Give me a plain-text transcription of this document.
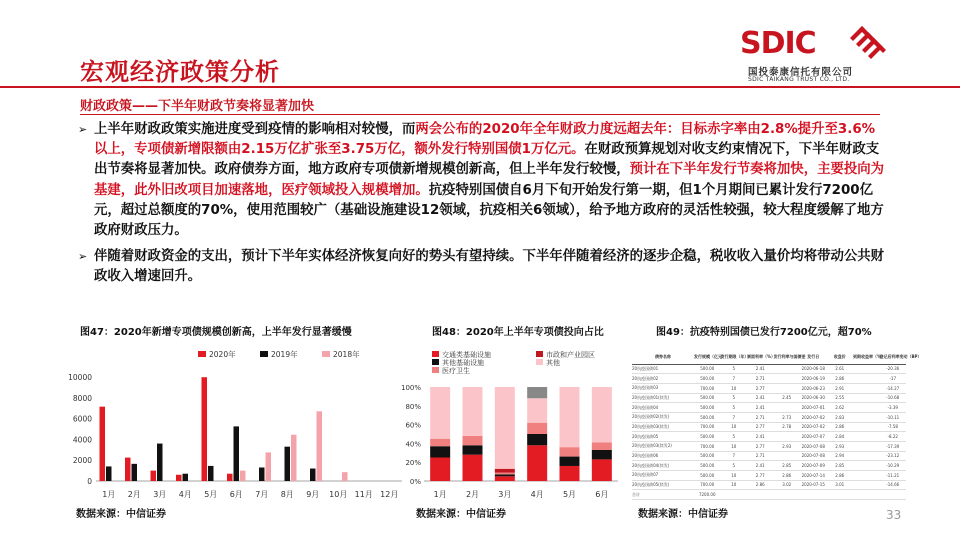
宏观经济政策分析
SDIC
国投泰康信托有限公司
SDIC TAIKANG TRUST CO., LTD.
财政政策——下半年财政节奏将显著加快
➢ 上半年财政政策实施进度受到疫情的影响相对较慢，而两会公布的2020年全年财政力度远超去年：目标赤字率由2.8%提升至3.6%以上，专项债新增限额由2.15万亿扩张至3.75万亿，额外发行特别国债1万亿元。在财政预算规划对收支约束情况下，下半年财政支出节奏将显著加快。政府债券方面，地方政府专项债新增规模创新高，但上半年发行较慢，预计在下半年发行节奏将加快，主要投向为基建，此外旧改项目加速落地，医疗领域投入规模增加。抗疫特别国债自6月下旬开始发行第一期，但1个月期间已累计发行7200亿元，超过总额度的70%，使用范围较广（基础设施建设12领域，抗疫相关6领域），给予地方政府的灵活性较强，较大程度缓解了地方政府财政压力。
➢ 伴随着财政资金的支出，预计下半年实体经济恢复向好的势头有望持续。下半年伴随着经济的逐步企稳，税收收入量价均将带动公共财政收入增速回升。
图47：2020年新增专项债规模创新高，上半年发行显著缓慢	图48：2020年上半年专项债投向占比	图49：抗疫特别国债已发行7200亿元，超70%
2020年	2019年	2018年
0
2000
4000
6000
8000
10000
1月 2月 3月 4月 5月 6月 7月 8月 9月 10月 11月 12月
交通类基础设施
其他基础设施
医疗卫生
市政和产业园区
其他
0%
20%
40%
60%
80%
100%
1月 2月 3月 4月 5月 6月
债券名称	发行规模（亿元）	发行期限（年）	票面利率（%）	发行利率与国债差	发行日	收盘价	到期收益率（%）	登记后利率变动（BP）
20抗疫国债01	500.00	5	2.41		2020-06-18	2.61		-20.36
20抗疫国债02	500.00	7	2.71		2020-06-19	2.86		-17
20抗疫国债03	700.00	10	2.77		2020-06-23	2.91		-14.27
20抗疫国债01(续发)	500.00	5	2.41	2.45	2020-06-30	2.55		-10.68
20抗疫国债04	500.00	5	2.41		2020-07-01	2.62		-3.39
20抗疫国债02(续发)	500.00	7	2.71	2.73	2020-07-02	2.83		-10.11
20抗疫国债03(续发)	700.00	10	2.77	2.78	2020-07-02	2.86		-7.58
20抗疫国债05	500.00	5	2.41		2020-07-07	2.84		-8.22
20抗疫国债03(续发2)	700.00	10	2.77	2.93	2020-07-08	2.93		-17.39
20抗疫国债06	500.00	7	2.71		2020-07-08	2.94		-23.12
20抗疫国债04(续发)	500.00	5	2.41	2.85	2020-07-09	2.85		-10.29
20抗疫国债07	500.00	10	2.77	2.86	2020-07-14	2.86		-11.21
20抗疫国债05(续发)	700.00	10	2.86	3.02	2020-07-15	3.01		-14.66
合计	7200.00							
数据来源：中信证券	数据来源：中信证券	数据来源：中信证券	33
